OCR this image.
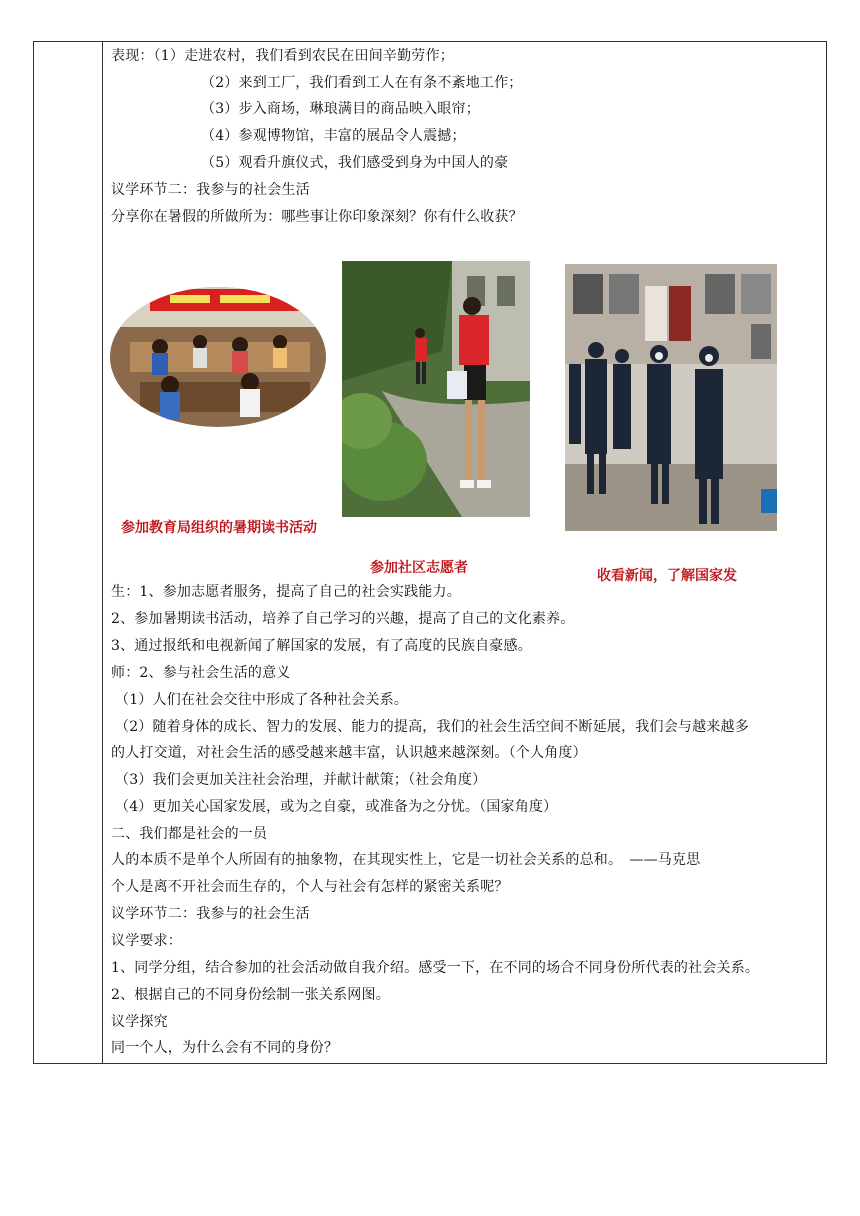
表现：（1）走进农村，我们看到农民在田间辛勤劳作；
（2）来到工厂，我们看到工人在有条不紊地工作；
（3）步入商场，琳琅满目的商品映入眼帘；
（4）参观博物馆，丰富的展品令人震撼；
（5）观看升旗仪式，我们感受到身为中国人的豪
议学环节二：我参与的社会生活
分享你在暑假的所做所为：哪些事让你印象深刻？你有什么收获？
参加教育局组织的暑期读书活动
参加社区志愿者	收看新闻，了解国家发
生：1、参加志愿者服务，提高了自己的社会实践能力。
2、参加暑期读书活动，培养了自己学习的兴趣，提高了自己的文化素养。
3、通过报纸和电视新闻了解国家的发展，有了高度的民族自豪感。
师：2、参与社会生活的意义
（1）人们在社会交往中形成了各种社会关系。
（2）随着身体的成长、智力的发展、能力的提高，我们的社会生活空间不断延展，我们会与越来越多
的人打交道，对社会生活的感受越来越丰富，认识越来越深刻。（个人角度）
（3）我们会更加关注社会治理，并献计献策；（社会角度）
（4）更加关心国家发展，或为之自豪，或准备为之分忧。（国家角度）
二、我们都是社会的一员
人的本质不是单个人所固有的抽象物，在其现实性上，它是一切社会关系的总和。　——马克思
个人是离不开社会而生存的，个人与社会有怎样的紧密关系呢？
议学环节二：我参与的社会生活
议学要求：
1、同学分组，结合参加的社会活动做自我介绍。感受一下，在不同的场合不同身份所代表的社会关系。
2、根据自己的不同身份绘制一张关系网图。
议学探究
同一个人，为什么会有不同的身份？
